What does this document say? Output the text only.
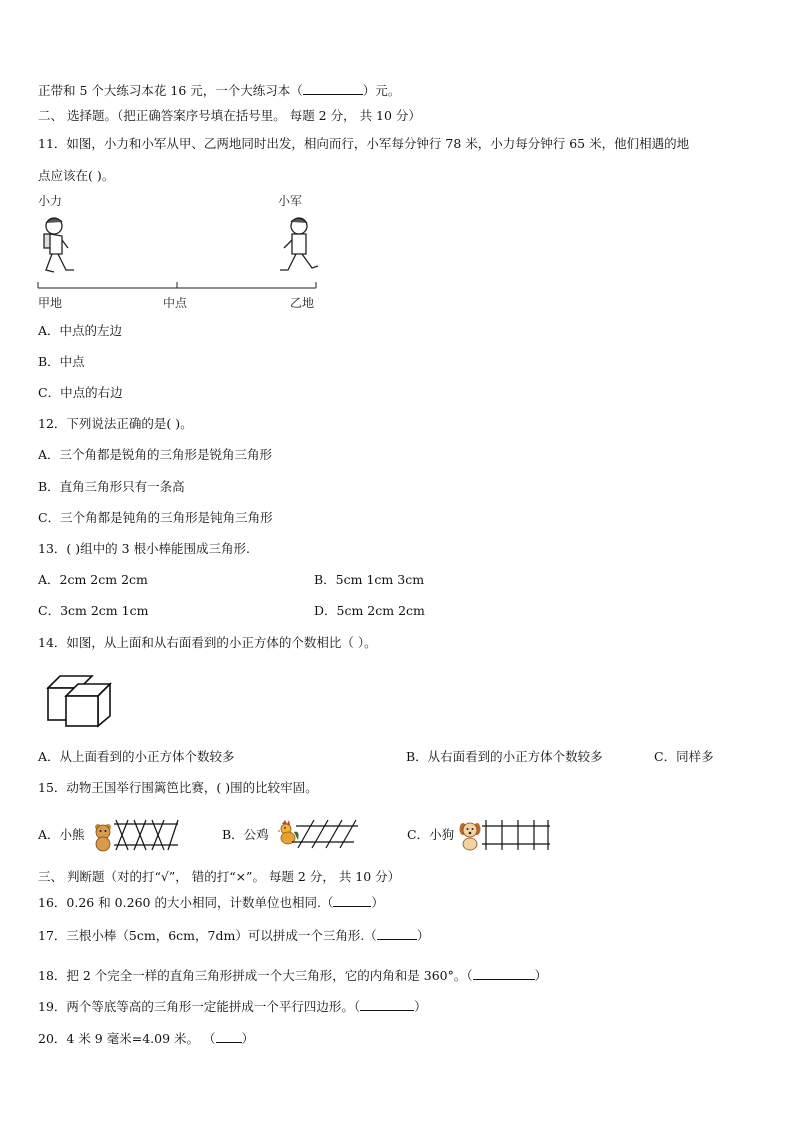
正带和 5 个大练习本花 16 元，一个大练习本（	）元。
二、 选择题。（把正确答案序号填在括号里。 每题 2 分， 共 10 分）
11．如图，小力和小军从甲、乙两地同时出发，相向而行，小军每分钟行 78 米，小力每分钟行 65 米，他们相遇的地
点应该在( )。
小力	小军
甲地	中点	乙地
A．中点的左边
B．中点
C．中点的右边
12．下列说法正确的是( )。
A．三个角都是锐角的三角形是锐角三角形
B．直角三角形只有一条高
C．三个角都是钝角的三角形是钝角三角形
13．( )组中的 3 根小棒能围成三角形.
A．2cm 2cm 2cm	B．5cm 1cm 3cm
C．3cm 2cm 1cm	D．5cm 2cm 2cm
14．如图，从上面和从右面看到的小正方体的个数相比（ ）。
A．从上面看到的小正方体个数较多	B．从右面看到的小正方体个数较多	C．同样多
15．动物王国举行围篱笆比赛，( )围的比较牢固。
A．小熊	B．公鸡	C．小狗
三、 判断题（对的打“√”， 错的打“×”。 每题 2 分， 共 10 分）
16．0.26 和 0.260 的大小相同，计数单位也相同.（	）
17．三根小棒（5cm，6cm，7dm）可以拼成一个三角形.（	）
18．把 2 个完全一样的直角三角形拼成一个大三角形，它的内角和是 360°。（	）
19．两个等底等高的三角形一定能拼成一个平行四边形。（	）
20．4 米 9 毫米=4.09 米。 （ ）
